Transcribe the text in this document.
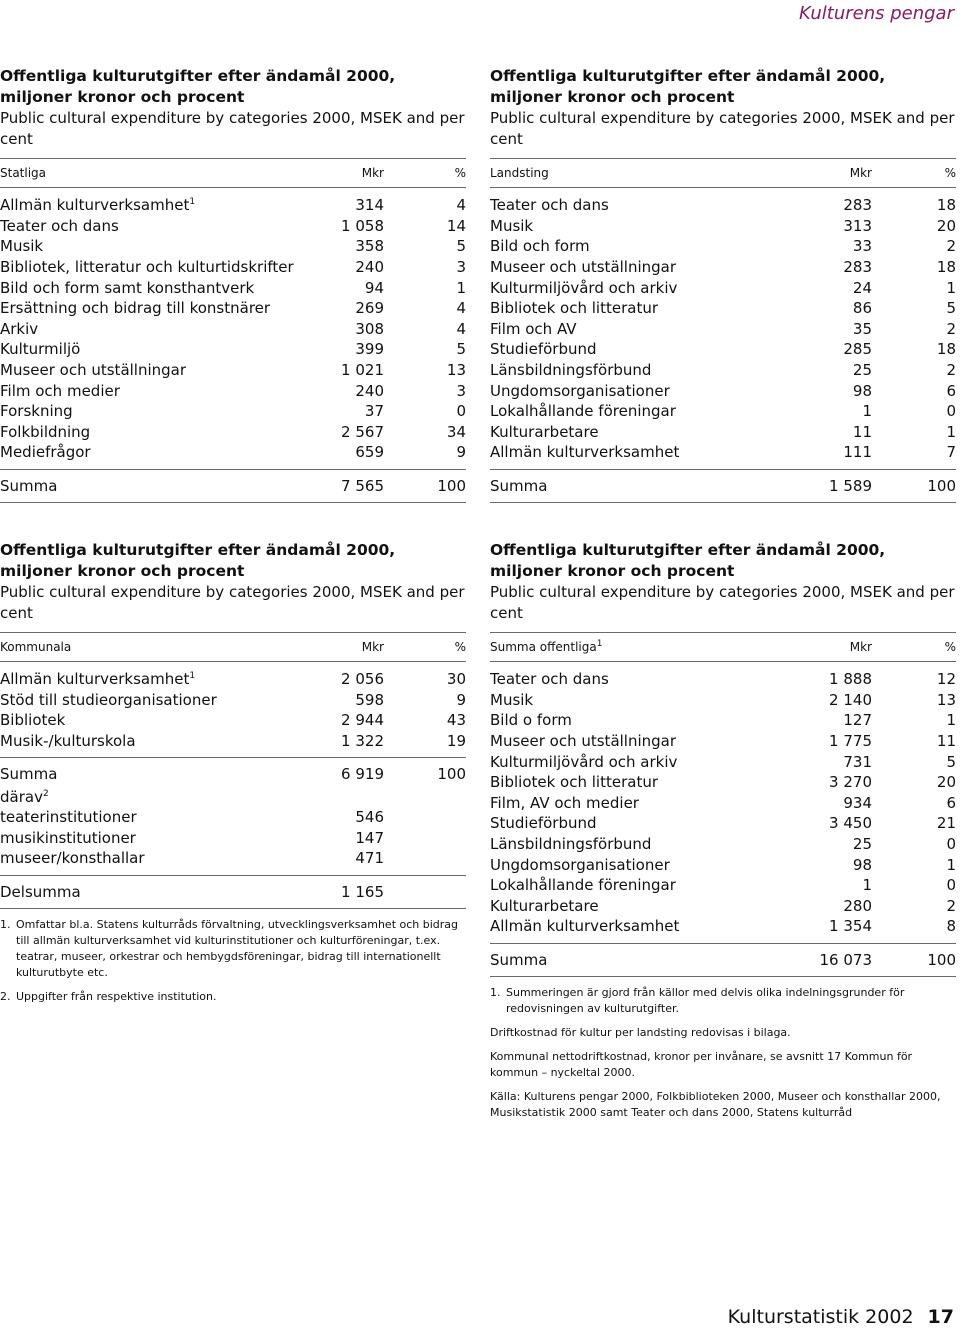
Kulturens pengar
Offentliga kulturutgifter efter ändamål 2000, miljoner kronor och procent
Public cultural expenditure by categories 2000, MSEK and per cent
Statliga	Mkr	%
Allmän kulturverksamhet$^1$	314	4
Teater och dans	1 058	14
Musik	358	5
Bibliotek, litteratur och kulturtidskrifter	240	3
Bild och form samt konsthantverk	94	1
Ersättning och bidrag till konstnärer	269	4
Arkiv	308	4
Kulturmiljö	399	5
Museer och utställningar	1 021	13
Film och medier	240	3
Forskning	37	0
Folkbildning	2 567	34
Mediefrågor	659	9
Summa	7 565	100
Offentliga kulturutgifter efter ändamål 2000, miljoner kronor och procent
Public cultural expenditure by categories 2000, MSEK and per cent
Landsting	Mkr	%
Teater och dans	283	18
Musik	313	20
Bild och form	33	2
Museer och utställningar	283	18
Kulturmiljövård och arkiv	24	1
Bibliotek och litteratur	86	5
Film och AV	35	2
Studieförbund	285	18
Länsbildningsförbund	25	2
Ungdomsorganisationer	98	6
Lokalhållande föreningar	1	0
Kulturarbetare	11	1
Allmän kulturverksamhet	111	7
Summa	1 589	100
Offentliga kulturutgifter efter ändamål 2000, miljoner kronor och procent
Public cultural expenditure by categories 2000, MSEK and per cent
Kommunala	Mkr	%
Allmän kulturverksamhet$^1$	2 056	30
Stöd till studieorganisationer	598	9
Bibliotek	2 944	43
Musik-/kulturskola	1 322	19
Summa	6 919	100
därav$^2$
teaterinstitutioner	546
musikinstitutioner	147
museer/konsthallar	471
Delsumma	1 165
1. Omfattar bl.a. Statens kulturråds förvaltning, utvecklingsverksamhet och bidrag till allmän kulturverksamhet vid kulturinstitutioner och kulturföreningar, t.ex. teatrar, museer, orkestrar och hembygdsföreningar, bidrag till internationellt kulturutbyte etc.
2. Uppgifter från respektive institution.
Offentliga kulturutgifter efter ändamål 2000, miljoner kronor och procent
Public cultural expenditure by categories 2000, MSEK and per cent
Summa offentliga$^1$	Mkr	%
Teater och dans	1 888	12
Musik	2 140	13
Bild o form	127	1
Museer och utställningar	1 775	11
Kulturmiljövård och arkiv	731	5
Bibliotek och litteratur	3 270	20
Film, AV och medier	934	6
Studieförbund	3 450	21
Länsbildningsförbund	25	0
Ungdomsorganisationer	98	1
Lokalhållande föreningar	1	0
Kulturarbetare	280	2
Allmän kulturverksamhet	1 354	8
Summa	16 073	100
1. Summeringen är gjord från källor med delvis olika indelningsgrunder för redovisningen av kulturutgifter.
Driftkostnad för kultur per landsting redovisas i bilaga.
Kommunal nettodriftkostnad, kronor per invånare, se avsnitt 17 Kommun för kommun – nyckeltal 2000.
Källa: Kulturens pengar 2000, Folkbiblioteken 2000, Museer och konsthallar 2000, Musikstatistik 2000 samt Teater och dans 2000, Statens kulturråd
Kulturstatistik 2002 17
